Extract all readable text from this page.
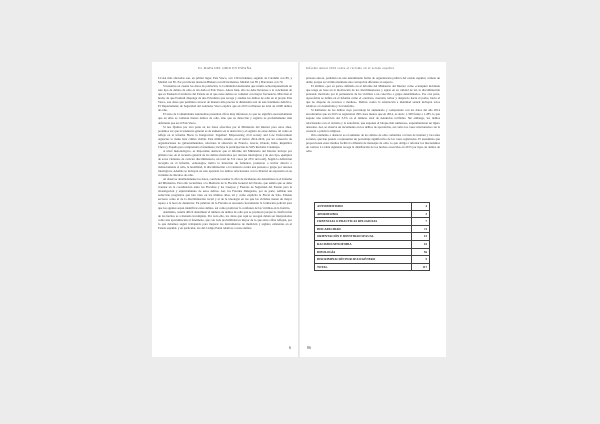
EL MAPA DEL ODIO EN ESPAÑA

CCAA más afectadas son, en primer lugar, País Vasco, con 139 incidentes, seguido de Cataluña con 89, y Madrid con 85. Por provincias destacan Bizkaia con 69 incidentes, Madrid con 85 y Barcelona con 70.

Si tenemos en cuenta los datos de población, la Comunidad Autónoma que resulta sobrerrepresentada en este tipo de delitos de odio es sin duda el País Vasco. Ahora bien, ello no debe llevarnos a la conclusión de que es Euskadi el territorio del Estado en el que estos delitos se cometen con mayor frecuencia. Más bien el hecho de que Euskadi disponga de una Ertzaintza que recoge y analiza los delitos de odio en el propio País Vasco, son datos que permiten conocer de manera más precisa la dimensión real de este fenómeno delictivo. El Departamento de Seguridad del Gobierno Vasco explica que en 2015 recibieron un total de 4.000 delitos de odio.

El resto de Comunidades Autónomas presentan cifras muy inferiores, lo que no significa necesariamente que en ellas se cometan menos delitos de odio, sino que su detección y registro es probablemente más deficiente que en el País Vasco.

Si nos fijamos por otra parte en los datos ofrecidos por el Ministerio del Interior para otros años, podemos ver que la tendencia general es de aumento en la detección y el registro de estos delitos, tal como se refleja en el informe Hacia la Integración: Together! Empowering civil society and Law Enforcement Agencies to make hate crimes visible. Este último estudio, en el marco 2014-2016, por un consorcio de organizaciones no gubernamentales, relaciona la situación de Francia, Grecia, Irlanda, Italia, República Checa y España para comprender el fenómeno; incluye la participación de SOS Racismo Catalunya.

A nivel metodológico, es importante destacar que el Informe del Ministerio del Interior incluye por primera vez, en el recuento general de los delitos motivados por razones ideológicas y de otro tipo, ejemplos de actos violentos de carácter discriminatorio, un total de 312 casos (el 23% del total). Según la definición recogida en el Informe, «ideología» indica la intención de fomentar, promover o incitar directa o indirectamente al odio, la hostilidad, la discriminación o la violencia contra una persona o grupo por razones ideológicas. Además se incluyen en este apartado los delitos relacionados con la libertad de expresión en su vertiente de discurso de odio.

Al observar detalladamente los datos, conviene resaltar la cifra de incidentes sin determinar en el Informe del Ministerio. Para ello recurrimos a la Memoria de la Fiscalía General del Estado, que señala que se debe avanzar en la coordinación entre las Fiscalías y los Cuerpos y Fuerzas de Seguridad del Estado para la investigación y enjuiciamiento de estos delitos. Así, los Fiscales Delegados, por su parte, señalan una reducción progresiva que han visto en los últimos años, tal y como explicita la Fiscal de Sala. Existen sectores como el de la discriminación racial y el de la ideología en los que las víctimas tienen un mayor reparo a la hora de denunciar. En palabras de la Fiscalía es necesario incrementar la formación policial para que los agentes sepan identificar estos delitos, así como promover la confianza de las víctimas en la Justicia.

Asimismo, resulta difícil determinar el número de delitos de odio que se producen porque la clasificación de los hechos es a menudo incompleta. Por todo ello, los datos que aquí se recogen deben ser interpretados como una aproximación al fenómeno, que con toda probabilidad es mayor de lo que estas cifras reflejan, por lo que debemos seguir trabajando para mejorar los instrumentos de medición y registro existentes en el Estado español, y en particular, los del Código Penal relativos a estos delitos.

6
Informe Anual 2016 sobre el racismo en el estado español

persona autora, partidaria de una determinada forma de organización política del estado español, comete un delito porque su víctima mantiene una concepción diferente al respecto.

El término «por su parte» definido en el informe del Ministerio del Interior como «cualquier incidente que tenga en base en la motivación de los discriminatorios y sujeta en su calidad de tal, la discriminación personal, motivado por la pertenencia de las víctimas a un colectivo o grupo determinado». Por otra parte, Aporofobia se define en el informe como el «rechazo, aversión, temor y desprecio hacia el pobre, hacia el que no dispone de recursos o medios». Delitos contra la orientación e identidad sexual incluyen actos relativos a la homofobia y la transfobia.

Si hablamos de los delitos cuyo porcentaje ha aumentado y comparando con los datos del año 2014 encontramos que en 2015 se registraron 299 casos menos que en 2014, es decir, 1.328 frente a 1.285, lo que supone una reducción del 3,3% en el número total de denuncias recibidas. Sin embargo, los delitos relacionados con el racismo y la xenofobia, que suponen el bloque más numeroso, experimentaron un ligero descenso. Así, se observa un incremento en los delitos de aporofobia, así como los casos relacionados con la creencia o práctica religiosa.

Otro elemento a destacar es el aumento de los delitos de odio cometidos a través de internet y las redes sociales, que han pasado a representar un porcentaje significativo de los casos registrados. El anonimato que proporcionan estos medios facilita la difusión de mensajes de odio, lo que obliga a reforzar los mecanismos de control. La tabla siguiente recoge la distribución de los hechos conocidos en 2015 por tipos de delitos de odio.

ANTISEMITISMO	4
APOROFOBIA	3
CREENCIAS O PRACTICAS RELIGIOSAS	7
DISCAPACIDAD	11
ORIENTACIÓN E IDENTIDAD SEXUAL	15
RACISMO/XENOFOBIA	16
IDEOLOGÍA	56
DISCRIMINACIÓN POR SEXO/GÉNERO	5
TOTAL	117
86
